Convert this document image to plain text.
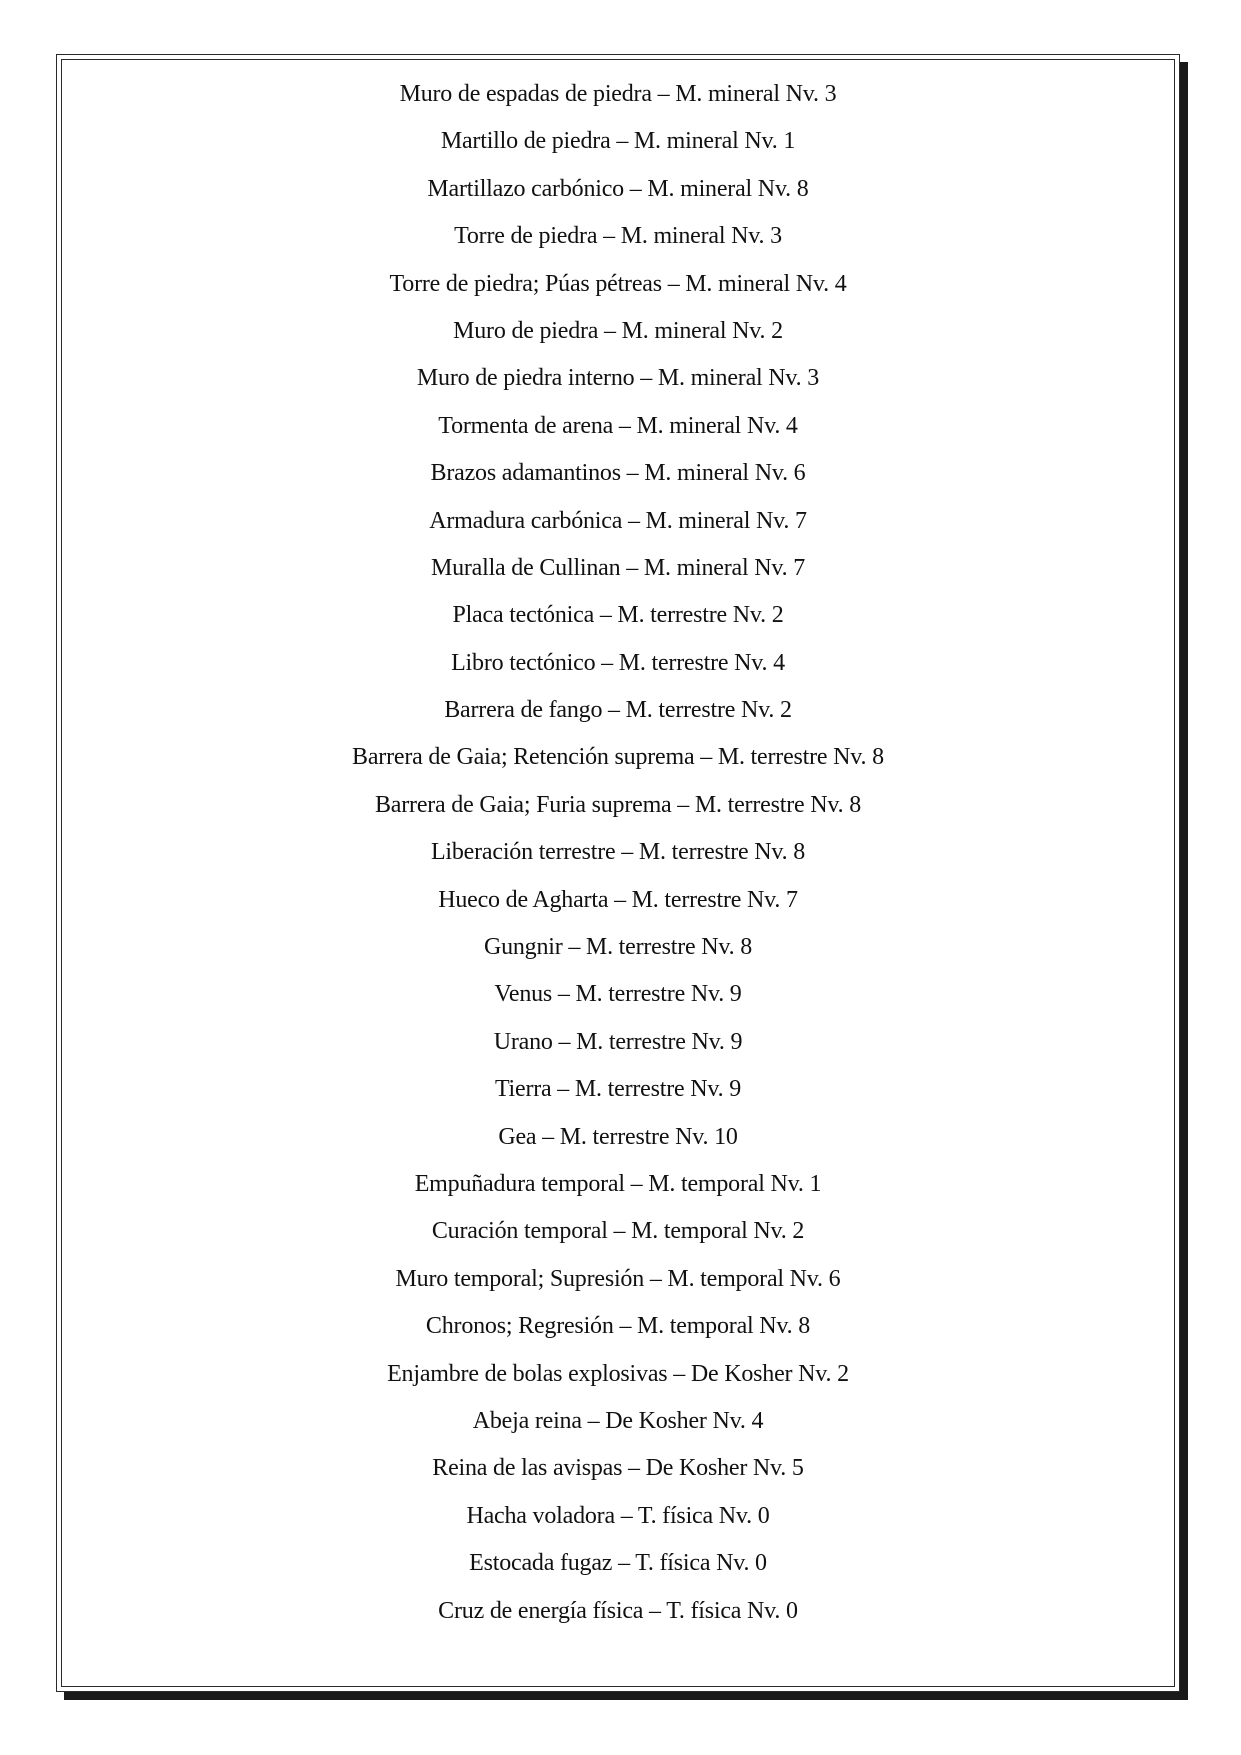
Muro de espadas de piedra – M. mineral Nv. 3
Martillo de piedra – M. mineral Nv. 1
Martillazo carbónico – M. mineral Nv. 8
Torre de piedra – M. mineral Nv. 3
Torre de piedra; Púas pétreas – M. mineral Nv. 4
Muro de piedra – M. mineral Nv. 2
Muro de piedra interno – M. mineral Nv. 3
Tormenta de arena – M. mineral Nv. 4
Brazos adamantinos – M. mineral Nv. 6
Armadura carbónica – M. mineral Nv. 7
Muralla de Cullinan – M. mineral Nv. 7
Placa tectónica – M. terrestre Nv. 2
Libro tectónico – M. terrestre Nv. 4
Barrera de fango – M. terrestre Nv. 2
Barrera de Gaia; Retención suprema – M. terrestre Nv. 8
Barrera de Gaia; Furia suprema – M. terrestre Nv. 8
Liberación terrestre – M. terrestre Nv. 8
Hueco de Agharta – M. terrestre Nv. 7
Gungnir – M. terrestre Nv. 8
Venus – M. terrestre Nv. 9
Urano – M. terrestre Nv. 9
Tierra – M. terrestre Nv. 9
Gea – M. terrestre Nv. 10
Empuñadura temporal – M. temporal Nv. 1
Curación temporal – M. temporal Nv. 2
Muro temporal; Supresión – M. temporal Nv. 6
Chronos; Regresión – M. temporal Nv. 8
Enjambre de bolas explosivas – De Kosher Nv. 2
Abeja reina – De Kosher Nv. 4
Reina de las avispas – De Kosher Nv. 5
Hacha voladora – T. física Nv. 0
Estocada fugaz – T. física Nv. 0
Cruz de energía física – T. física Nv. 0
